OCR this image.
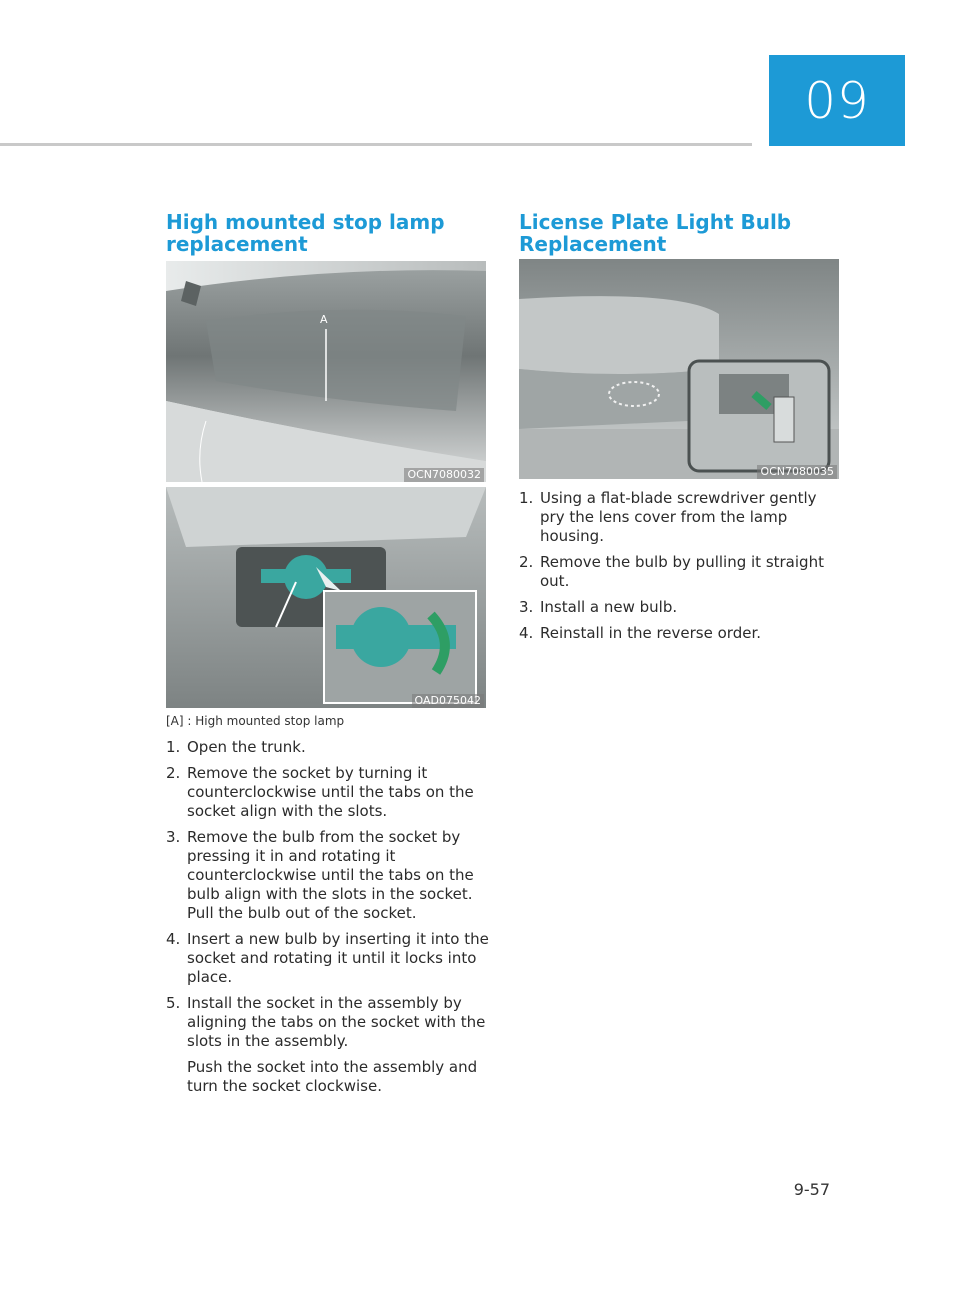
09
High mounted stop lamp replacement
A
OCN7080032
OAD075042
[A] : High mounted stop lamp
1. Open the trunk.
2. Remove the socket by turning it counterclockwise until the tabs on the socket align with the slots.
3. Remove the bulb from the socket by pressing it in and rotating it counterclockwise until the tabs on the bulb align with the slots in the socket. Pull the bulb out of the socket.
4. Insert a new bulb by inserting it into the socket and rotating it until it locks into place.
5. Install the socket in the assembly by aligning the tabs on the socket with the slots in the assembly.
Push the socket into the assembly and turn the socket clockwise.
License Plate Light Bulb Replacement
OCN7080035
1. Using a flat-blade screwdriver gently pry the lens cover from the lamp housing.
2. Remove the bulb by pulling it straight out.
3. Install a new bulb.
4. Reinstall in the reverse order.
9-57
